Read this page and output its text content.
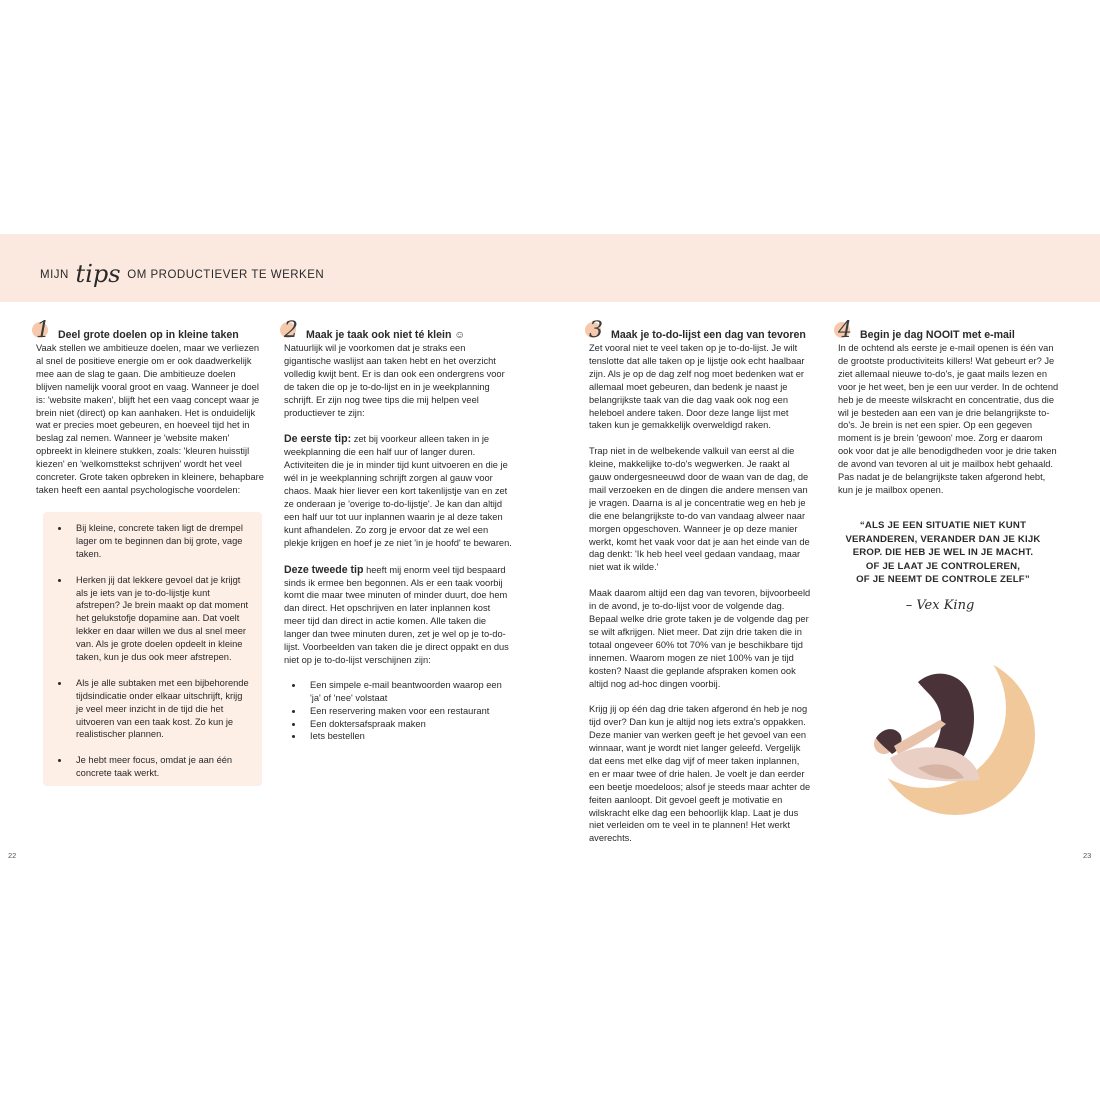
MIJN tips OM PRODUCTIEVER TE WERKEN
1 Deel grote doelen op in kleine taken

Vaak stellen we ambitieuze doelen, maar we verliezen al snel de positieve energie om er ook daadwerkelijk mee aan de slag te gaan. Die ambitieuze doelen blijven namelijk vooral groot en vaag. Wanneer je doel is: 'website maken', blijft het een vaag concept waar je brein niet (direct) op kan aanhaken. Het is onduidelijk wat er precies moet gebeuren, en hoeveel tijd het in beslag zal nemen. Wanneer je 'website maken' opbreekt in kleinere stukken, zoals: 'kleuren huisstijl kiezen' en 'welkomsttekst schrijven' wordt het veel concreter. Grote taken opbreken in kleinere, behapbare taken heeft een aantal psychologische voordelen:

• Bij kleine, concrete taken ligt de drempel lager om te beginnen dan bij grote, vage taken.
• Herken jij dat lekkere gevoel dat je krijgt als je iets van je to-do-lijstje kunt afstrepen? Je brein maakt op dat moment het gelukstofje dopamine aan. Dat voelt lekker en daar willen we dus al snel meer van. Als je grote doelen opdeelt in kleine taken, kun je dus ook meer afstrepen.
• Als je alle subtaken met een bijbehorende tijdsindicatie onder elkaar uitschrijft, krijg je veel meer inzicht in de tijd die het uitvoeren van een taak kost. Zo kun je realistischer plannen.
• Je hebt meer focus, omdat je aan één concrete taak werkt.
2 Maak je taak ook niet té klein ☺

Natuurlijk wil je voorkomen dat je straks een gigantische waslijst aan taken hebt en het overzicht volledig kwijt bent. Er is dan ook een ondergrens voor de taken die op je to-do-lijst en in je weekplanning schrijft. Er zijn nog twee tips die mij helpen veel productiever te zijn:

De eerste tip: zet bij voorkeur alleen taken in je weekplanning die een half uur of langer duren. Activiteiten die je in minder tijd kunt uitvoeren en die je wél in je weekplanning schrijft zorgen al gauw voor chaos. Maak hier liever een kort takenlijstje van en zet ze onderaan je 'overige to-do-lijstje'. Je kan dan altijd een half uur tot uur inplannen waarin je al deze taken kunt afhandelen. Zo zorg je ervoor dat ze wel een plekje krijgen en hoef je ze niet 'in je hoofd' te bewaren.

Deze tweede tip heeft mij enorm veel tijd bespaard sinds ik ermee ben begonnen. Als er een taak voorbij komt die maar twee minuten of minder duurt, doe hem dan direct. Het opschrijven en later inplannen kost meer tijd dan direct in actie komen. Alle taken die langer dan twee minuten duren, zet je wel op je to-do-lijst. Voorbeelden van taken die je direct oppakt en dus niet op je to-do-lijst verschijnen zijn:

• Een simpele e-mail beantwoorden waarop een 'ja' of 'nee' volstaat
• Een reservering maken voor een restaurant
• Een doktersafspraak maken
• Iets bestellen
3 Maak je to-do-lijst een dag van tevoren

Zet vooral niet te veel taken op je to-do-lijst. Je wilt tenslotte dat alle taken op je lijstje ook echt haalbaar zijn. Als je op de dag zelf nog moet bedenken wat er allemaal moet gebeuren, dan bedenk je naast je belangrijkste taak van die dag vaak ook nog een heleboel andere taken. Door deze lange lijst met taken kun je gemakkelijk overweldigd raken.

Trap niet in de welbekende valkuil van eerst al die kleine, makkelijke to-do's wegwerken. Je raakt al gauw ondergesneeuwd door de waan van de dag, de mail verzoeken en de dingen die andere mensen van je vragen. Daarna is al je concentratie weg en heb je die ene belangrijkste to-do van vandaag alweer naar morgen opgeschoven. Wanneer je op deze manier werkt, komt het vaak voor dat je aan het einde van de dag denkt: 'Ik heb heel veel gedaan vandaag, maar niet wat ik wilde.'

Maak daarom altijd een dag van tevoren, bijvoorbeeld in de avond, je to-do-lijst voor de volgende dag. Bepaal welke drie grote taken je de volgende dag per se wilt afkrijgen. Niet meer. Dat zijn drie taken die in totaal ongeveer 60% tot 70% van je beschikbare tijd innemen. Waarom mogen ze niet 100% van je tijd kosten? Naast die geplande afspraken komen ook altijd nog ad-hoc dingen voorbij.

Krijg jij op één dag drie taken afgerond én heb je nog tijd over? Dan kun je altijd nog iets extra's oppakken. Deze manier van werken geeft je het gevoel van een winnaar, want je wordt niet langer geleefd. Vergelijk dat eens met elke dag vijf of meer taken inplannen, en er maar twee of drie halen. Je voelt je dan eerder een beetje moedeloos; alsof je steeds maar achter de feiten aanloopt. Dit gevoel geeft je motivatie en wilskracht elke dag een behoorlijk klap. Laat je dus niet verleiden om te veel in te plannen! Het werkt averechts.

4 Begin je dag NOOIT met e-mail

In de ochtend als eerste je e-mail openen is één van de grootste productiviteits killers! Wat gebeurt er? Je ziet allemaal nieuwe to-do's, je gaat mails lezen en voor je het weet, ben je een uur verder. In de ochtend heb je de meeste wilskracht en concentratie, dus die wil je besteden aan een van je drie belangrijkste to-do's. Je brein is net een spier. Op een gegeven moment is je brein 'gewoon' moe. Zorg er daarom ook voor dat je alle benodigdheden voor je drie taken de avond van tevoren al uit je mailbox hebt gehaald. Pas nadat je de belangrijkste taken afgerond hebt, kun je je mailbox openen.

“ALS JE EEN SITUATIE NIET KUNT
VERANDEREN, VERANDER DAN JE KIJK
EROP. DIE HEB JE WEL IN JE MACHT.
OF JE LAAT JE CONTROLEREN,
OF JE NEEMT DE CONTROLE ZELF”
– Vex King
22	23
